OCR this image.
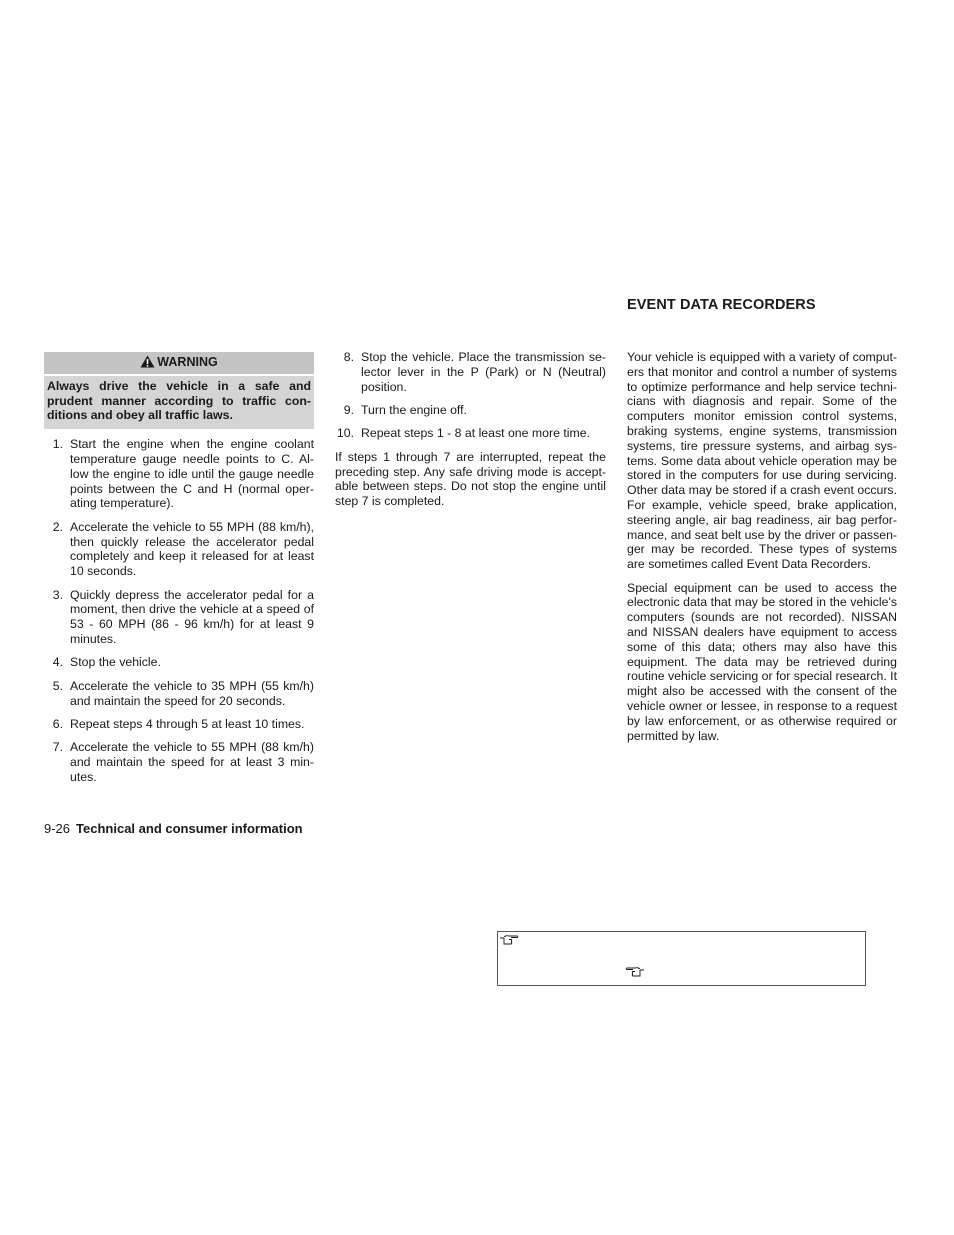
EVENT DATA RECORDERS
WARNING
Always drive the vehicle in a safe and prudent manner according to traffic con- ditions and obey all traffic laws.
1. Start the engine when the engine coolant temperature gauge needle points to C. Al- low the engine to idle until the gauge needle points between the C and H (normal oper- ating temperature).
2. Accelerate the vehicle to 55 MPH (88 km/h), then quickly release the accelerator pedal completely and keep it released for at least 10 seconds.
3. Quickly depress the accelerator pedal for a moment, then drive the vehicle at a speed of 53 - 60 MPH (86 - 96 km/h) for at least 9 minutes.
4. Stop the vehicle.
5. Accelerate the vehicle to 35 MPH (55 km/h) and maintain the speed for 20 seconds.
6. Repeat steps 4 through 5 at least 10 times.
7. Accelerate the vehicle to 55 MPH (88 km/h) and maintain the speed for at least 3 min- utes.
8. Stop the vehicle. Place the transmission se- lector lever in the P (Park) or N (Neutral) position.
9. Turn the engine off.
10. Repeat steps 1 - 8 at least one more time.

If steps 1 through 7 are interrupted, repeat the preceding step. Any safe driving mode is accept- able between steps. Do not stop the engine until step 7 is completed.

Your vehicle is equipped with a variety of comput- ers that monitor and control a number of systems to optimize performance and help service techni- cians with diagnosis and repair. Some of the computers monitor emission control systems, braking systems, engine systems, transmission systems, tire pressure systems, and airbag sys- tems. Some data about vehicle operation may be stored in the computers for use during servicing. Other data may be stored if a crash event occurs. For example, vehicle speed, brake application, steering angle, air bag readiness, air bag perfor- mance, and seat belt use by the driver or passen- ger may be recorded. These types of systems are sometimes called Event Data Recorders.

Special equipment can be used to access the electronic data that may be stored in the vehicle's computers (sounds are not recorded). NISSAN and NISSAN dealers have equipment to access some of this data; others may also have this equipment. The data may be retrieved during routine vehicle servicing or for special research. It might also be accessed with the consent of the vehicle owner or lessee, in response to a request by law enforcement, or as otherwise required or permitted by law.

9-26 Technical and consumer information
